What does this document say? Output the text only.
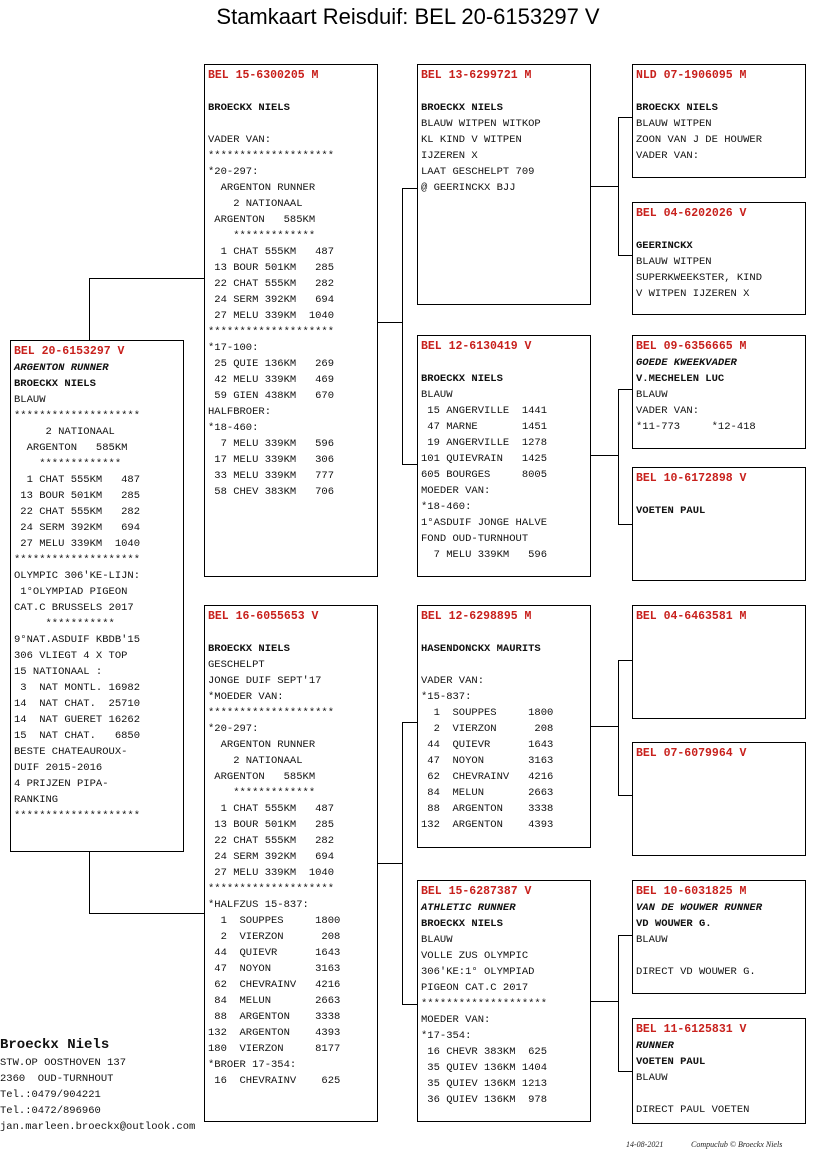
Stamkaart Reisduif: BEL 20-6153297 V
BEL 20-6153297 V
ARGENTON RUNNER
BROECKX NIELS
BLAUW
********************
2 NATIONAAL
ARGENTON   585KM
*************
1 CHAT 555KM   487
13 BOUR 501KM   285
22 CHAT 555KM   282
24 SERM 392KM   694
27 MELU 339KM  1040
********************
OLYMPIC 306'KE-LIJN:
1°OLYMPIAD PIGEON
CAT.C BRUSSELS 2017
***********
9°NAT.ASDUIF KBDB'15
306 VLIEGT 4 X TOP
15 NATIONAAL :
3  NAT MONTL. 16982
14  NAT CHAT.  25710
14  NAT GUERET 16262
15  NAT CHAT.   6850
BESTE CHATEAUROUX-
DUIF 2015-2016
4 PRIJZEN PIPA-
RANKING
********************
BEL 15-6300205 M
BROECKX NIELS
VADER VAN:
********************
*20-297:
ARGENTON RUNNER
2 NATIONAAL
ARGENTON   585KM
*************
1 CHAT 555KM   487
13 BOUR 501KM   285
22 CHAT 555KM   282
24 SERM 392KM   694
27 MELU 339KM  1040
********************
*17-100:
25 QUIE 136KM   269
42 MELU 339KM   469
59 GIEN 438KM   670
HALFBROER:
*18-460:
7 MELU 339KM   596
17 MELU 339KM   306
33 MELU 339KM   777
58 CHEV 383KM   706
BEL 16-6055653 V
BROECKX NIELS
GESCHELPT
JONGE DUIF SEPT'17
*MOEDER VAN:
********************
*20-297:
ARGENTON RUNNER
2 NATIONAAL
ARGENTON   585KM
*************
1 CHAT 555KM   487
13 BOUR 501KM   285
22 CHAT 555KM   282
24 SERM 392KM   694
27 MELU 339KM  1040
********************
*HALFZUS 15-837:
1  SOUPPES     1800
2  VIERZON      208
44  QUIEVR      1643
47  NOYON       3163
62  CHEVRAINV   4216
84  MELUN       2663
88  ARGENTON    3338
132  ARGENTON    4393
180  VIERZON     8177
*BROER 17-354:
16  CHEVRAINV    625
BEL 13-6299721 M
BROECKX NIELS
BLAUW WITPEN WITKOP
KL KIND V WITPEN
IJZEREN X
LAAT GESCHELPT 709
@ GEERINCKX BJJ
BEL 12-6130419 V
BROECKX NIELS
BLAUW
15 ANGERVILLE  1441
47 MARNE       1451
19 ANGERVILLE  1278
101 QUIEVRAIN   1425
605 BOURGES     8005
MOEDER VAN:
*18-460:
1°ASDUIF JONGE HALVE
FOND OUD-TURNHOUT
7 MELU 339KM   596
BEL 12-6298895 M
HASENDONCKX MAURITS
VADER VAN:
*15-837:
1  SOUPPES     1800
2  VIERZON      208
44  QUIEVR      1643
47  NOYON       3163
62  CHEVRAINV   4216
84  MELUN       2663
88  ARGENTON    3338
132  ARGENTON    4393
BEL 15-6287387 V
ATHLETIC RUNNER
BROECKX NIELS
BLAUW
VOLLE ZUS OLYMPIC
306'KE:1° OLYMPIAD
PIGEON CAT.C 2017
********************
MOEDER VAN:
*17-354:
16 CHEVR 383KM  625
35 QUIEV 136KM 1404
35 QUIEV 136KM 1213
36 QUIEV 136KM  978
NLD 07-1906095 M
BROECKX NIELS
BLAUW WITPEN
ZOON VAN J DE HOUWER
VADER VAN:
BEL 04-6202026 V
GEERINCKX
BLAUW WITPEN
SUPERKWEEKSTER, KIND
V WITPEN IJZEREN X
BEL 09-6356665 M
GOEDE KWEEKVADER
V.MECHELEN LUC
BLAUW
VADER VAN:
*11-773     *12-418
BEL 10-6172898 V
VOETEN PAUL
BEL 04-6463581 M
BEL 07-6079964 V
BEL 10-6031825 M
VAN DE WOUWER RUNNER
VD WOUWER G.
BLAUW
DIRECT VD WOUWER G.
BEL 11-6125831 V
RUNNER
VOETEN PAUL
BLAUW
DIRECT PAUL VOETEN
Broeckx Niels
STW.OP OOSTHOVEN 137
2360  OUD-TURNHOUT
Tel.:0479/904221
Tel.:0472/896960
jan.marleen.broeckx@outlook.com
14-08-2021	Compuclub © Broeckx Niels
